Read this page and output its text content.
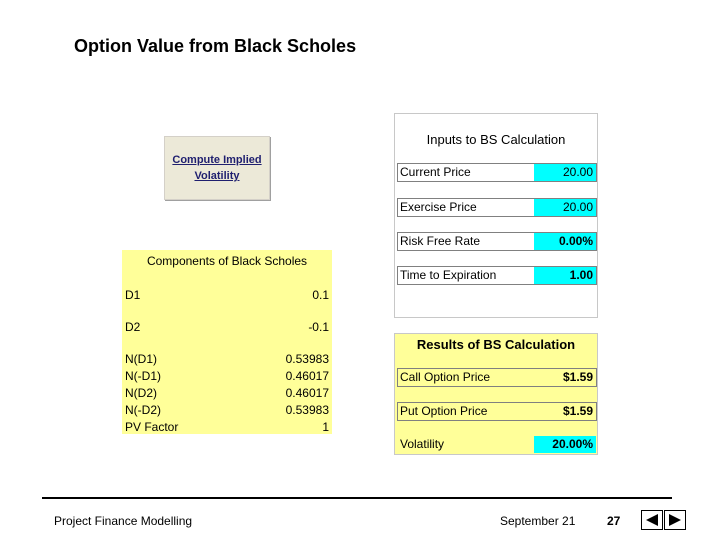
Option Value from Black Scholes
Compute Implied
Volatility
Components of Black Scholes
D1	0.1
D2	-0.1
N(D1)	0.53983
N(-D1)	0.46017
N(D2)	0.46017
N(-D2)	0.53983
PV Factor	1
Inputs to BS Calculation
Current Price	20.00
Exercise Price	20.00
Risk Free Rate	0.00%
Time to Expiration	1.00
Results of BS Calculation
Call Option Price	$1.59
Put Option Price	$1.59
Volatility	20.00%
Project Finance Modelling	September 21	27
